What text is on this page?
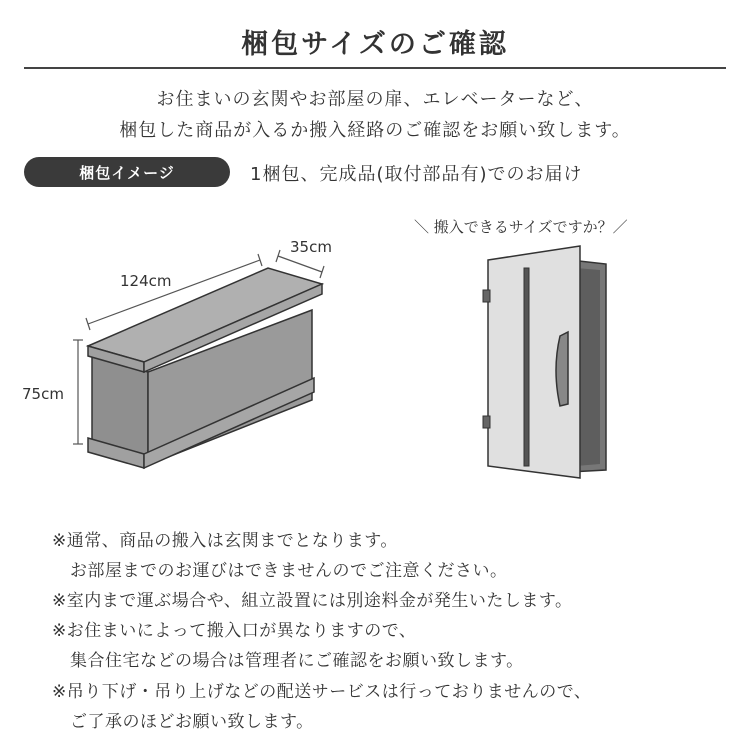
梱包サイズのご確認
お住まいの玄関やお部屋の扉、エレベーターなど、
梱包した商品が入るか搬入経路のご確認をお願い致します。
梱包イメージ	1梱包、完成品(取付部品有)でのお届け
124cm
35cm
75cm
＼ 搬入できるサイズですか？／
※通常、商品の搬入は玄関までとなります。
お部屋までのお運びはできませんのでご注意ください。
※室内まで運ぶ場合や、組立設置には別途料金が発生いたします。
※お住まいによって搬入口が異なりますので、
集合住宅などの場合は管理者にご確認をお願い致します。
※吊り下げ・吊り上げなどの配送サービスは行っておりませんので、
ご了承のほどお願い致します。
